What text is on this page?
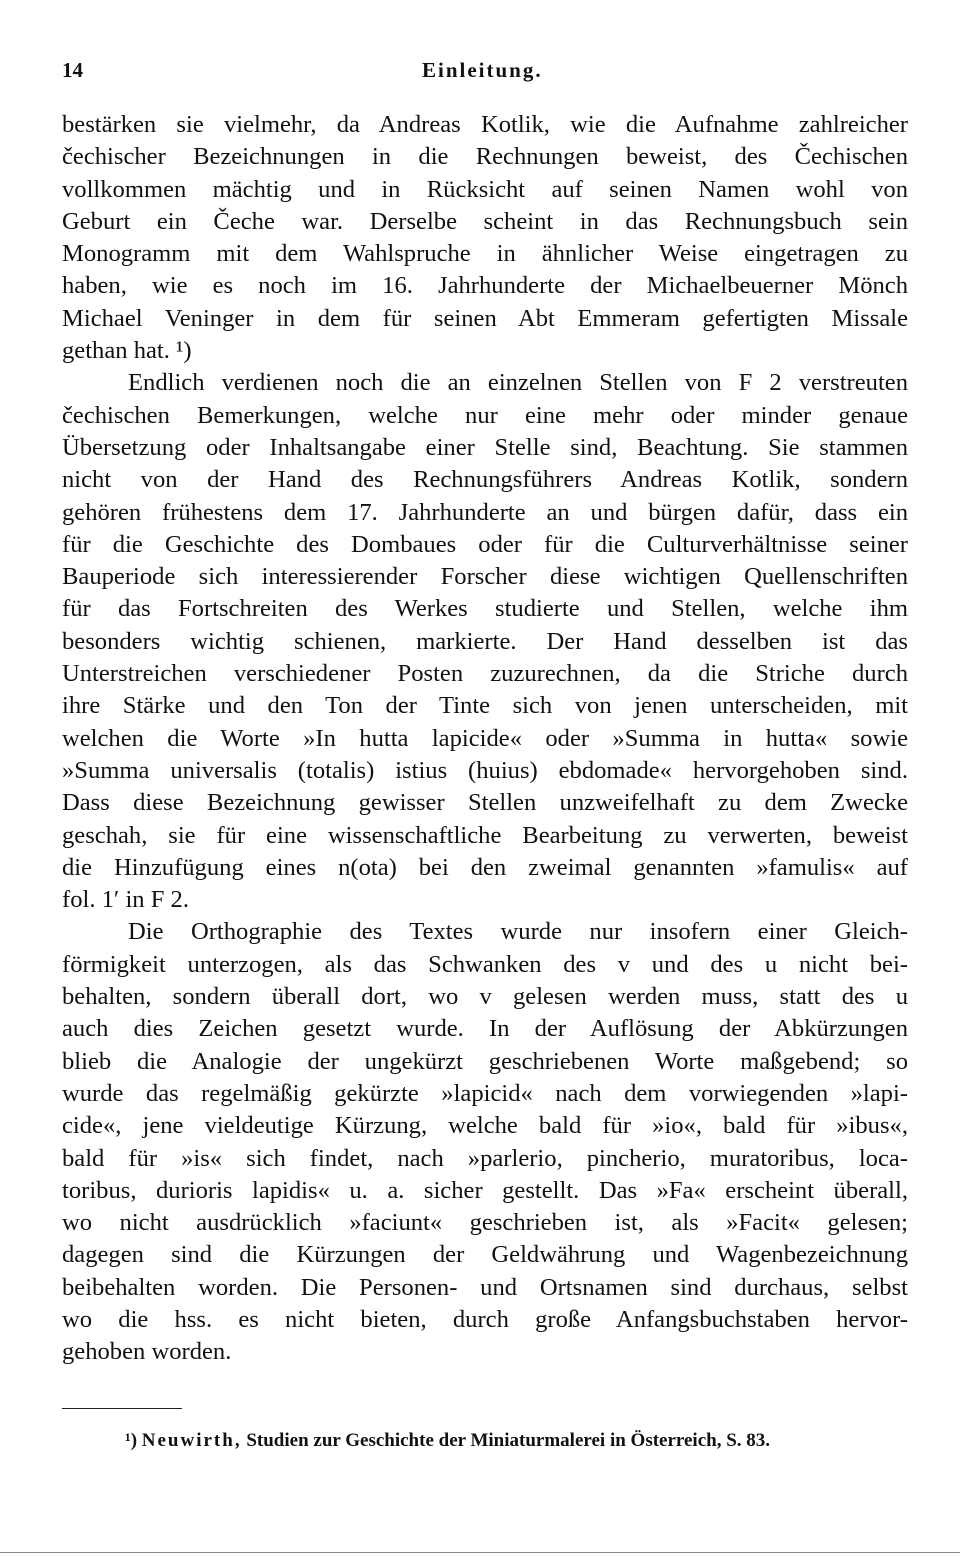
14	Einleitung.
bestärken sie vielmehr, da Andreas Kotlik, wie die Aufnahme zahlreicher
čechischer Bezeichnungen in die Rechnungen beweist, des Čechischen
vollkommen mächtig und in Rücksicht auf seinen Namen wohl von
Geburt ein Čeche war. Derselbe scheint in das Rechnungsbuch sein
Monogramm mit dem Wahlspruche in ähnlicher Weise eingetragen zu
haben, wie es noch im 16. Jahrhunderte der Michaelbeuerner Mönch
Michael Veninger in dem für seinen Abt Emmeram gefertigten Missale
gethan hat. ¹)
Endlich verdienen noch die an einzelnen Stellen von F 2 verstreuten
čechischen Bemerkungen, welche nur eine mehr oder minder genaue
Übersetzung oder Inhaltsangabe einer Stelle sind, Beachtung. Sie stammen
nicht von der Hand des Rechnungsführers Andreas Kotlik, sondern
gehören frühestens dem 17. Jahrhunderte an und bürgen dafür, dass ein
für die Geschichte des Dombaues oder für die Culturverhältnisse seiner
Bauperiode sich interessierender Forscher diese wichtigen Quellenschriften
für das Fortschreiten des Werkes studierte und Stellen, welche ihm
besonders wichtig schienen, markierte. Der Hand desselben ist das
Unterstreichen verschiedener Posten zuzurechnen, da die Striche durch
ihre Stärke und den Ton der Tinte sich von jenen unterscheiden, mit
welchen die Worte »In hutta lapicide« oder »Summa in hutta« sowie
»Summa universalis (totalis) istius (huius) ebdomade« hervorgehoben sind.
Dass diese Bezeichnung gewisser Stellen unzweifelhaft zu dem Zwecke
geschah, sie für eine wissenschaftliche Bearbeitung zu verwerten, beweist
die Hinzufügung eines n(ota) bei den zweimal genannten »famulis« auf
fol. 1′ in F 2.
Die Orthographie des Textes wurde nur insofern einer Gleich-
förmigkeit unterzogen, als das Schwanken des v und des u nicht bei-
behalten, sondern überall dort, wo v gelesen werden muss, statt des u
auch dies Zeichen gesetzt wurde. In der Auflösung der Abkürzungen
blieb die Analogie der ungekürzt geschriebenen Worte maßgebend; so
wurde das regelmäßig gekürzte »lapicid« nach dem vorwiegenden »lapi-
cide«, jene vieldeutige Kürzung, welche bald für »io«, bald für »ibus«,
bald für »is« sich findet, nach »parlerio, pincherio, muratoribus, loca-
toribus, durioris lapidis« u. a. sicher gestellt. Das »Fa« erscheint überall,
wo nicht ausdrücklich »faciunt« geschrieben ist, als »Facit« gelesen;
dagegen sind die Kürzungen der Geldwährung und Wagenbezeichnung
beibehalten worden. Die Personen- und Ortsnamen sind durchaus, selbst
wo die hss. es nicht bieten, durch große Anfangsbuchstaben hervor-
gehoben worden.
¹) Neuwirth, Studien zur Geschichte der Miniaturmalerei in Österreich, S. 83.
